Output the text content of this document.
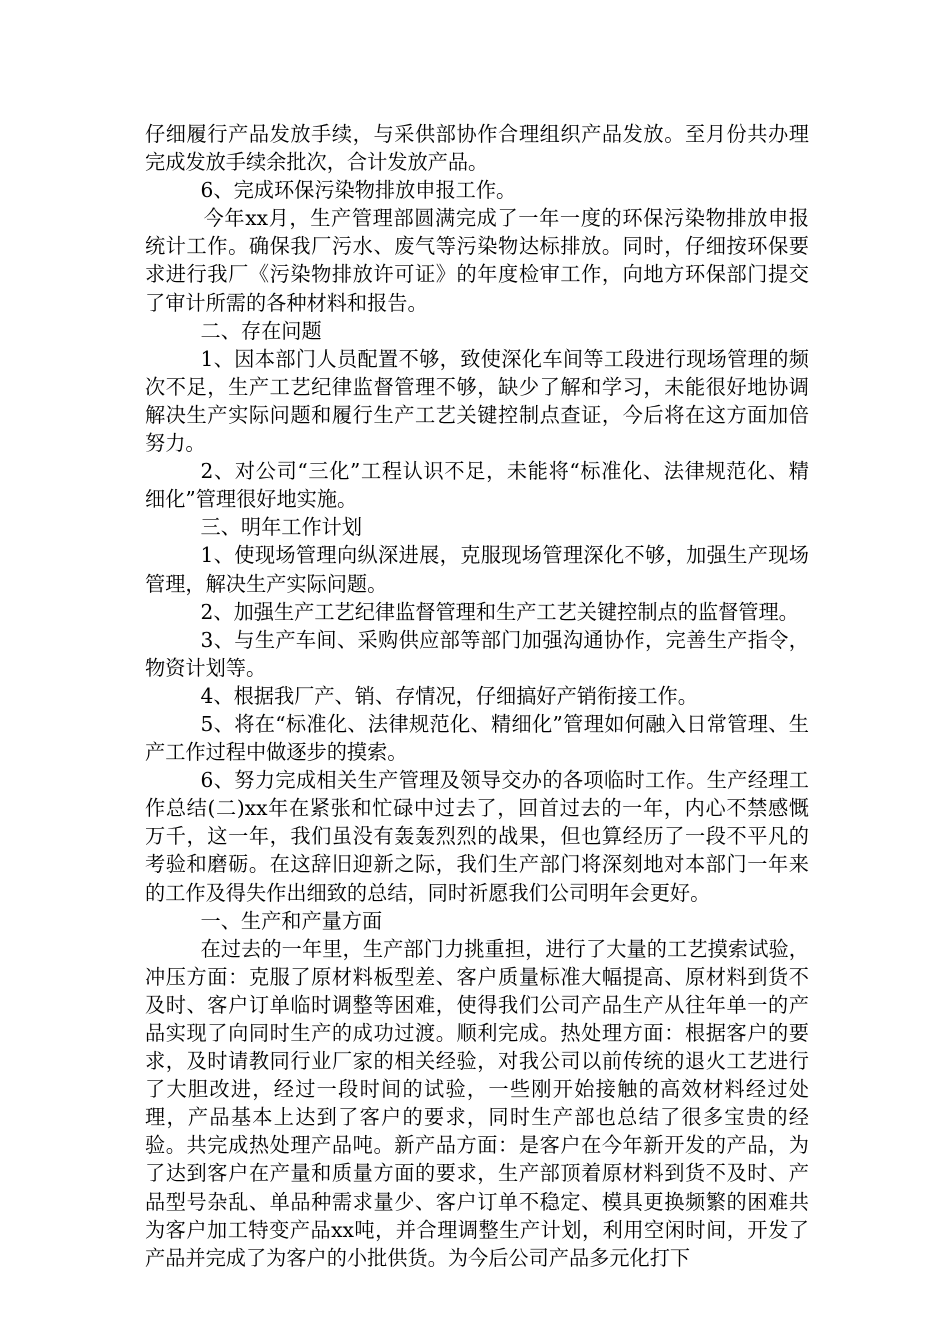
仔细履行产品发放手续，与采供部协作合理组织产品发放。至月份共办理完成发放手续余批次，合计发放产品。

6、完成环保污染物排放申报工作。

今年xx月，生产管理部圆满完成了一年一度的环保污染物排放申报统计工作。确保我厂污水、废气等污染物达标排放。同时，仔细按环保要求进行我厂《污染物排放许可证》的年度检审工作，向地方环保部门提交了审计所需的各种材料和报告。

二、存在问题

1、因本部门人员配置不够，致使深化车间等工段进行现场管理的频次不足，生产工艺纪律监督管理不够，缺少了解和学习，未能很好地协调解决生产实际问题和履行生产工艺关键控制点查证，今后将在这方面加倍努力。

2、对公司“三化”工程认识不足，未能将“标准化、法律规范化、精细化”管理很好地实施。

三、明年工作计划

1、使现场管理向纵深进展，克服现场管理深化不够，加强生产现场管理，解决生产实际问题。

2、加强生产工艺纪律监督管理和生产工艺关键控制点的监督管理。

3、与生产车间、采购供应部等部门加强沟通协作，完善生产指令，物资计划等。

4、根据我厂产、销、存情况，仔细搞好产销衔接工作。

5、将在“标准化、法律规范化、精细化”管理如何融入日常管理、生产工作过程中做逐步的摸索。

6、努力完成相关生产管理及领导交办的各项临时工作。生产经理工作总结(二)xx年在紧张和忙碌中过去了，回首过去的一年，内心不禁感慨万千，这一年，我们虽没有轰轰烈烈的战果，但也算经历了一段不平凡的考验和磨砺。在这辞旧迎新之际，我们生产部门将深刻地对本部门一年来的工作及得失作出细致的总结，同时祈愿我们公司明年会更好。

一、生产和产量方面

在过去的一年里，生产部门力挑重担，进行了大量的工艺摸索试验，冲压方面：克服了原材料板型差、客户质量标准大幅提高、原材料到货不及时、客户订单临时调整等困难，使得我们公司产品生产从往年单一的产品实现了向同时生产的成功过渡。顺利完成。热处理方面：根据客户的要求，及时请教同行业厂家的相关经验，对我公司以前传统的退火工艺进行了大胆改进，经过一段时间的试验，一些刚开始接触的高效材料经过处理，产品基本上达到了客户的要求，同时生产部也总结了很多宝贵的经验。共完成热处理产品吨。新产品方面：是客户在今年新开发的产品，为了达到客户在产量和质量方面的要求，生产部顶着原材料到货不及时、产品型号杂乱、单品种需求量少、客户订单不稳定、模具更换频繁的困难共为客户加工特变产品xx吨，并合理调整生产计划，利用空闲时间，开发了产品并完成了为客户的小批供货。为今后公司产品多元化打下
